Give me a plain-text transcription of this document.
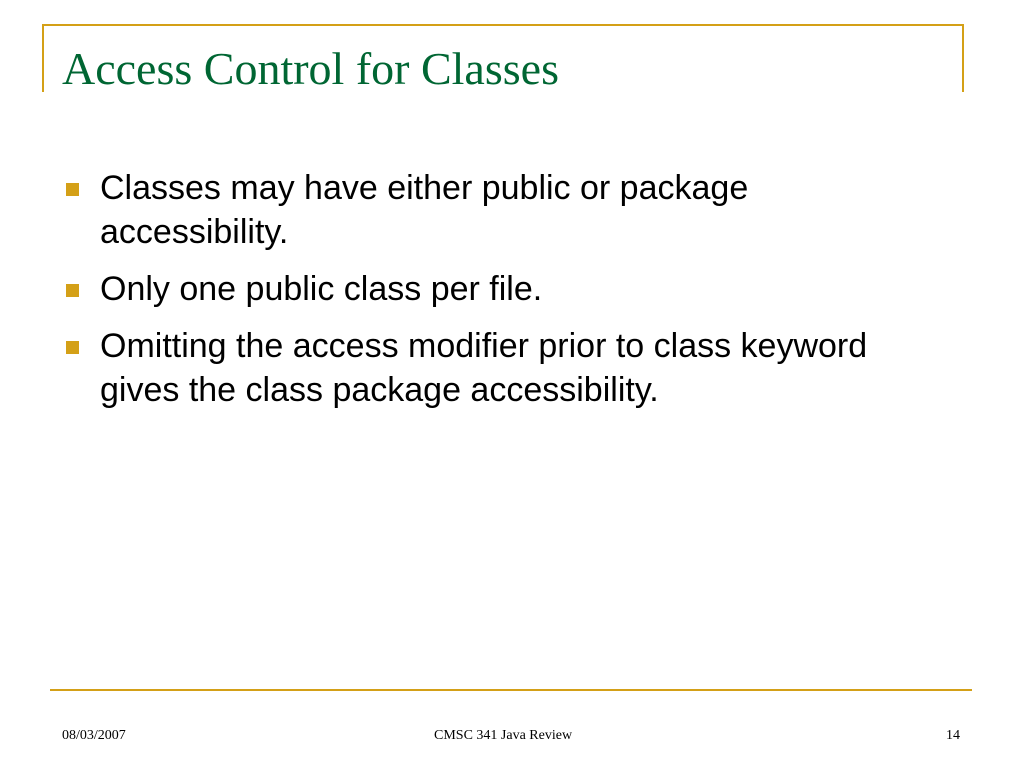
Access Control for Classes
Classes may have either public or package accessibility.
Only one public class per file.
Omitting the access modifier prior to class keyword gives the class package accessibility.
08/03/2007	CMSC 341 Java Review	14
